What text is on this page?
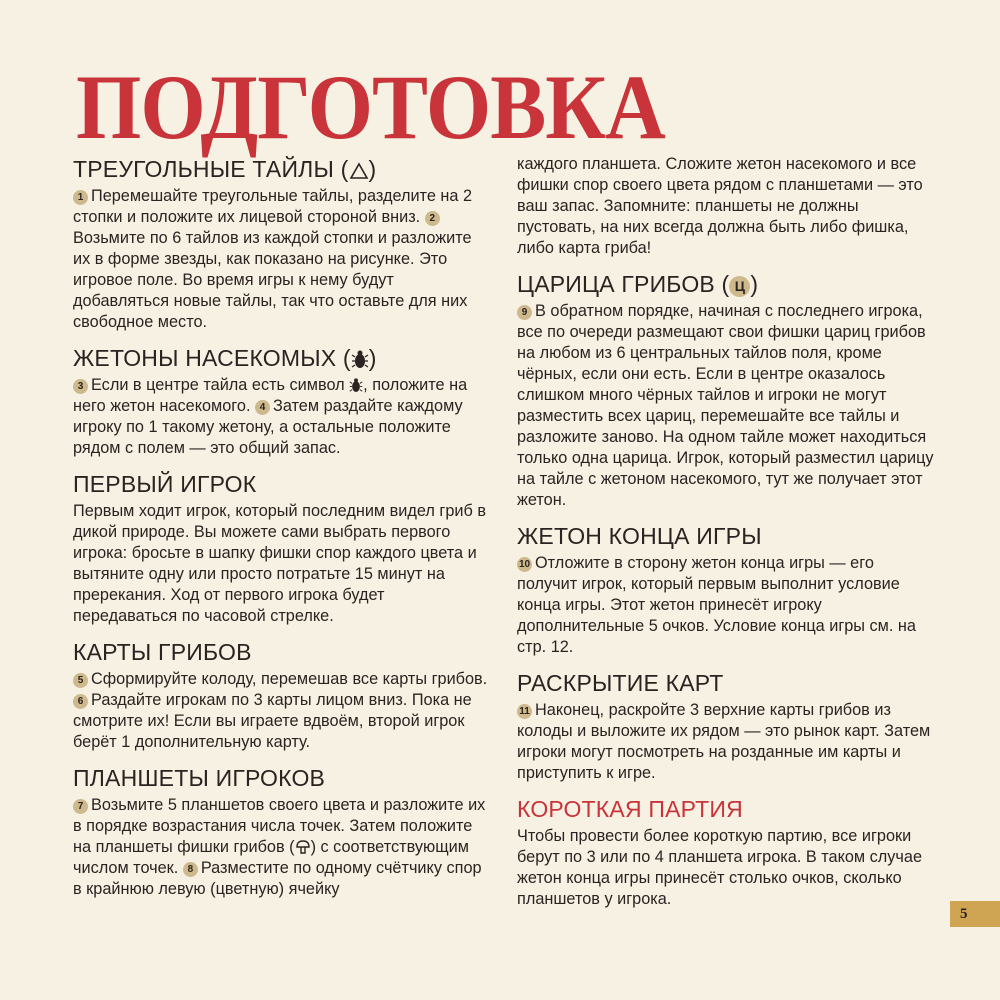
ПОДГОТОВКА
ТРЕУГОЛЬНЫЕ ТАЙЛЫ ( )

1 Перемешайте треугольные тайлы, разделите на 2 стопки и положите их лицевой стороной вниз. 2Возьмите по 6 тайлов из каждой стопки и разложите их в форме звезды, как показано на рисунке. Это игровое поле. Во время игры к нему будут добавляться новые тайлы, так что оставьте для них свободное место.

ЖЕТОНЫ НАСЕКОМЫХ ( )

3 Если в центре тайла есть символ , положите на него жетон насекомого. 4 Затем раздайте каждому игроку по 1 такому жетону, а остальные положите рядом с полем — это общий запас.

ПЕРВЫЙ ИГРОК

Первым ходит игрок, который последним видел гриб в дикой природе. Вы можете сами выбрать первого игрока: бросьте в шапку фишки спор каждого цвета и вытяните одну или просто потратьте 15 минут на пререкания. Ход от первого игрока будет передаваться по часовой стрелке.

КАРТЫ ГРИБОВ

5 Сформируйте колоду, перемешав все карты грибов. 6 Раздайте игрокам по 3 карты лицом вниз. Пока не смотрите их! Если вы играете вдвоём, второй игрок берёт 1 дополнительную карту.

ПЛАНШЕТЫ ИГРОКОВ

7 Возьмите 5 планшетов своего цвета и разложите их в порядке возрастания числа точек. Затем положите на планшеты фишки грибов ( ) с соответствующим числом точек. 8 Разместите по одному счётчику спор в крайнюю левую (цветную) ячейку

каждого планшета. Сложите жетон насекомого и все фишки спор своего цвета рядом с планшетами — это ваш запас. Запомните: планшеты не должны пустовать, на них всегда должна быть либо фишка, либо карта гриба!

ЦАРИЦА ГРИБОВ ( Ц )

9 В обратном порядке, начиная с последнего игрока, все по очереди размещают свои фишки цариц грибов на любом из 6 центральных тайлов поля, кроме чёрных, если они есть. Если в центре оказалось слишком много чёрных тайлов и игроки не могут разместить всех цариц, перемешайте все тайлы и разложите заново. На одном тайле может находиться только одна царица. Игрок, который разместил царицу на тайле с жетоном насекомого, тут же получает этот жетон.

ЖЕТОН КОНЦА ИГРЫ

10 Отложите в сторону жетон конца игры — его получит игрок, который первым выполнит условие конца игры. Этот жетон принесёт игроку дополнительные 5 очков. Условие конца игры см. на стр. 12.

РАСКРЫТИЕ КАРТ

11 Наконец, раскройте 3 верхние карты грибов из колоды и выложите их рядом — это рынок карт. Затем игроки могут посмотреть на розданные им карты и приступить к игре.

КОРОТКАЯ ПАРТИЯ

Чтобы провести более короткую партию, все игроки берут по 3 или по 4 планшета игрока. В таком случае жетон конца игры принесёт столько очков, сколько планшетов у игрока.

5
